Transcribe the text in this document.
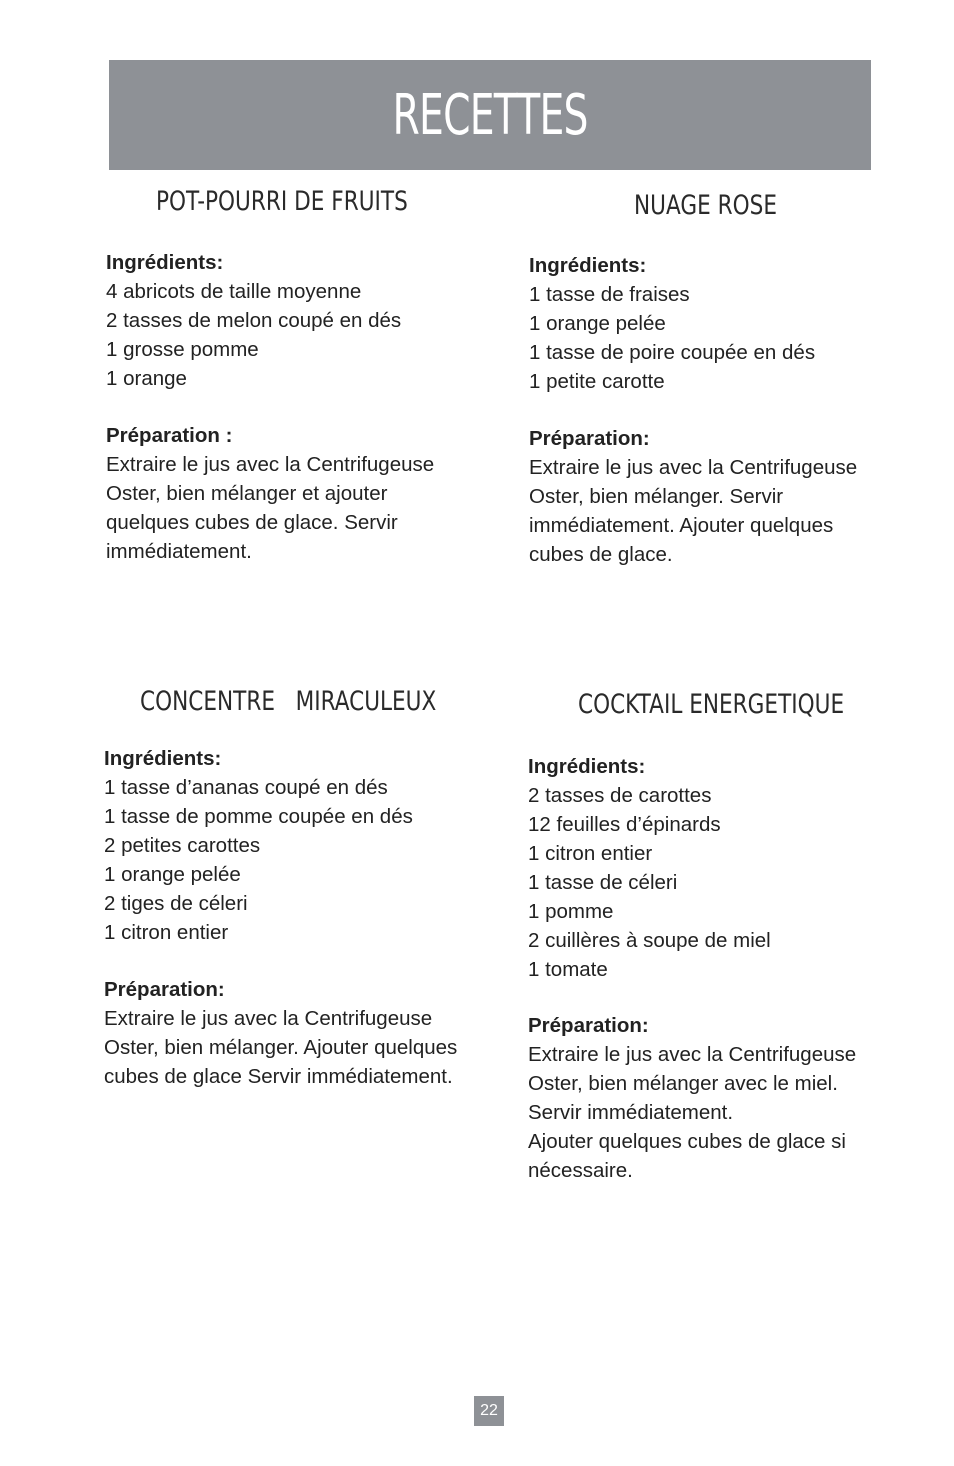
RECETTES
POT-POURRI DE FRUITS
Ingrédients:
4 abricots de taille moyenne
2 tasses de melon coupé en dés
1 grosse pomme
1 orange
Préparation :
Extraire le jus avec la Centrifugeuse
Oster, bien mélanger et ajouter
quelques cubes de glace. Servir
immédiatement.
NUAGE ROSE
Ingrédients:
1 tasse de fraises
1 orange pelée
1 tasse de poire coupée en dés
1 petite carotte
Préparation:
Extraire le jus avec la Centrifugeuse
Oster, bien mélanger. Servir
immédiatement. Ajouter quelques
cubes de glace.
CONCENTRE   MIRACULEUX
Ingrédients:
1 tasse d’ananas coupé en dés
1 tasse de pomme coupée en dés
2 petites carottes
1 orange pelée
2 tiges de céleri
1 citron entier
Préparation:
Extraire le jus avec la Centrifugeuse
Oster, bien mélanger. Ajouter quelques
cubes de glace Servir immédiatement.
COCKTAIL ENERGETIQUE
Ingrédients:
2 tasses de carottes
12 feuilles d’épinards
1 citron entier
1 tasse de céleri
1 pomme
2 cuillères à soupe de miel
1 tomate
Préparation:
Extraire le jus avec la Centrifugeuse
Oster, bien mélanger avec le miel.
Servir immédiatement.
Ajouter quelques cubes de glace si
nécessaire.
22
